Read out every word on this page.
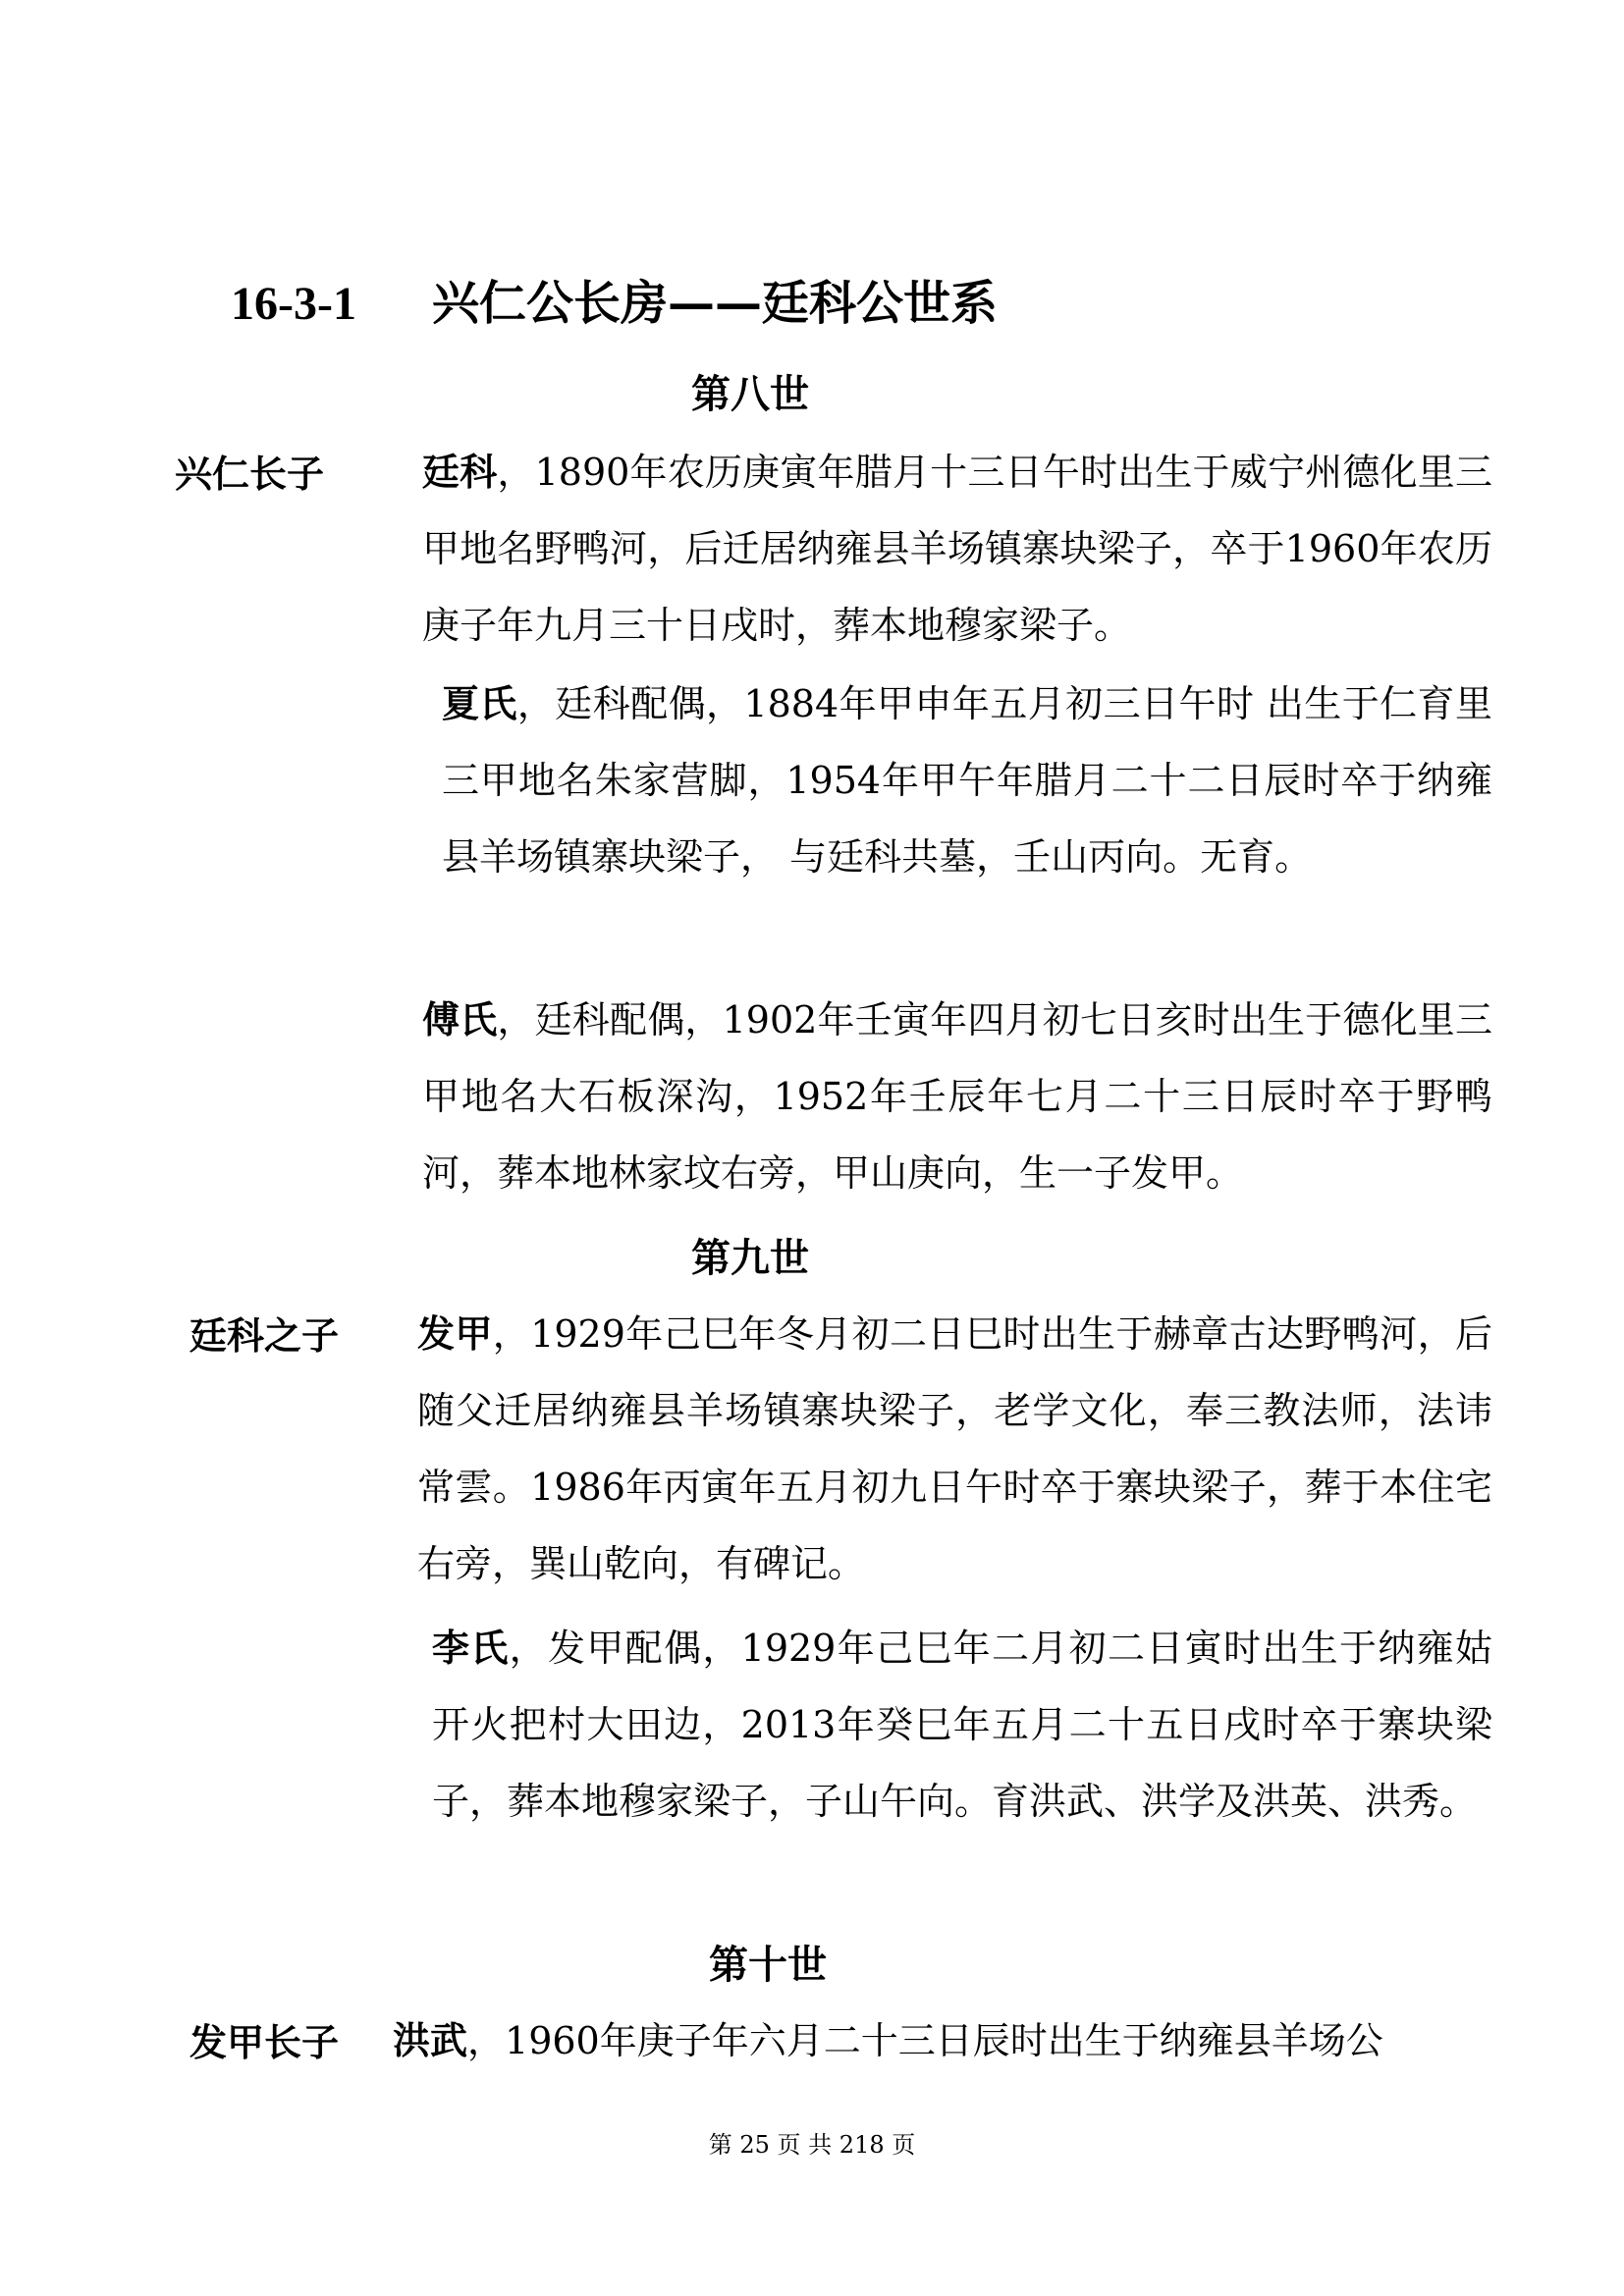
16-3-1 兴仁公长房——廷科公世系
第八世
兴仁长子	廷科，1890年农历庚寅年腊月十三日午时出生于威宁州德化里三甲地名野鸭河，后迁居纳雍县羊场镇寨块梁子，卒于1960年农历庚子年九月三十日戌时，葬本地穆家梁子。

夏氏，廷科配偶，1884年甲申年五月初三日午时 出生于仁育里三甲地名朱家营脚，1954年甲午年腊月二十二日辰时卒于纳雍县羊场镇寨块梁子， 与廷科共墓，壬山丙向。无育。

傅氏，廷科配偶，1902年壬寅年四月初七日亥时出生于德化里三甲地名大石板深沟，1952年壬辰年七月二十三日辰时卒于野鸭河，葬本地林家坟右旁，甲山庚向，生一子发甲。

第九世
廷科之子 发甲，1929年己巳年冬月初二日巳时出生于赫章古达野鸭河，后随父迁居纳雍县羊场镇寨块梁子，老学文化，奉三教法师，法讳常雲。1986年丙寅年五月初九日午时卒于寨块梁子，葬于本住宅右旁，巽山乾向，有碑记。

李氏，发甲配偶，1929年己巳年二月初二日寅时出生于纳雍姑开火把村大田边，2013年癸巳年五月二十五日戌时卒于寨块梁子，葬本地穆家梁子，子山午向。育洪武、洪学及洪英、洪秀。

第十世
发甲长子 洪武，1960年庚子年六月二十三日辰时出生于纳雍县羊场公

第 25 页 共 218 页
